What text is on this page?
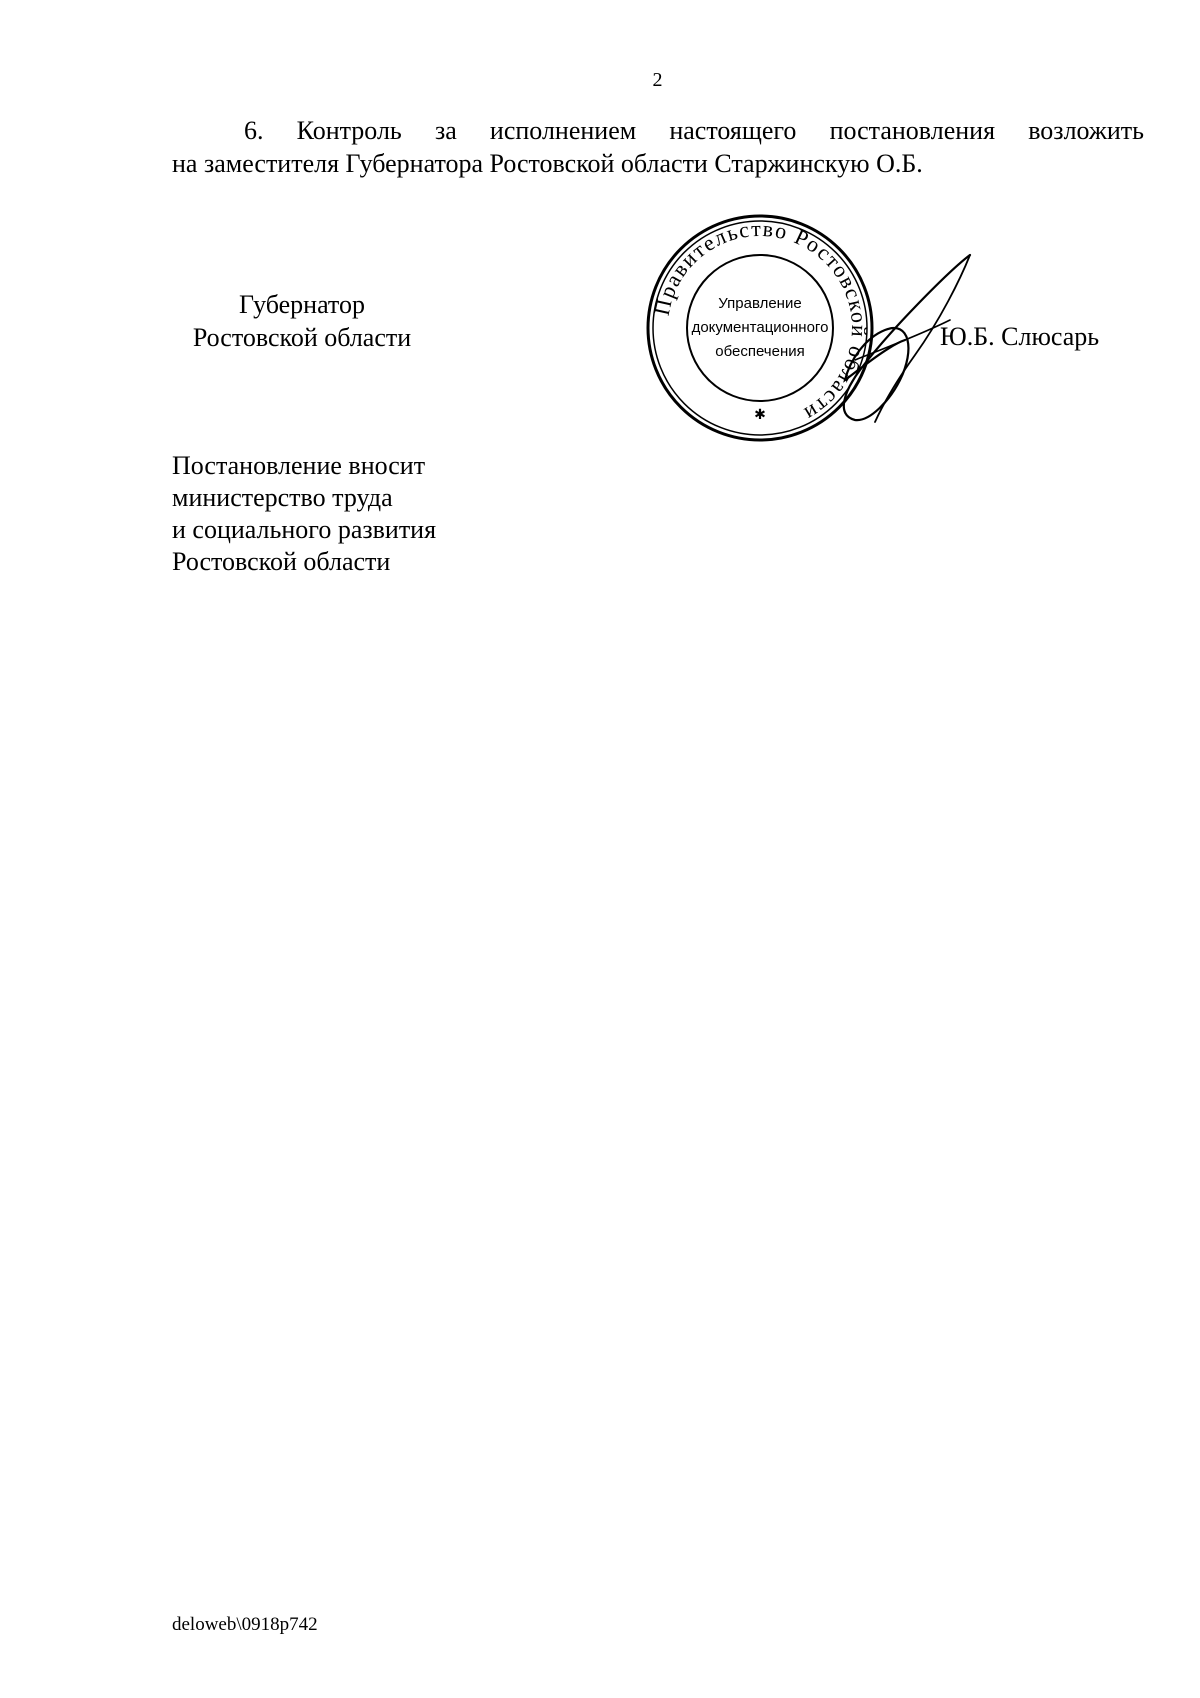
2

6. Контроль за исполнением настоящего постановления возложить
на заместителя Губернатора Ростовской области Старжинскую О.Б.

Губернатор
Ростовской области
Правительство Ростовской области
Управление
документационного
обеспечения
✱
Ю.Б. Слюсарь
Постановление вносит
министерство труда
и социального развития
Ростовской области
deloweb\0918p742
